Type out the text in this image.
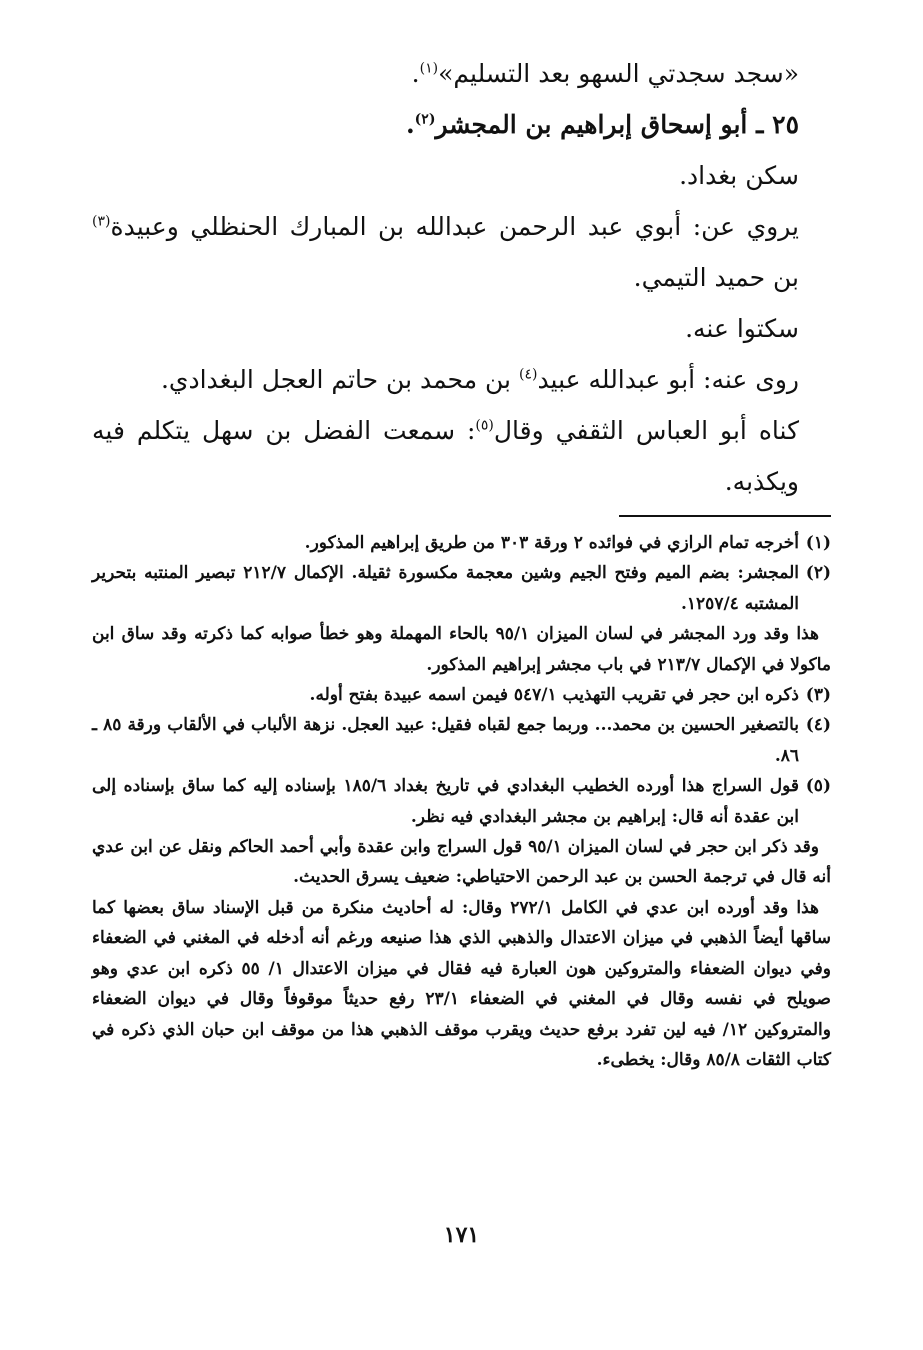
«سجد سجدتي السهو بعد التسليم»$^{(١)}$.

٢٥ ـ أبو إسحاق إبراهيم بن المجشر$^{(٢)}$.

سكن بغداد.

يروي عن: أبوي عبد الرحمن عبدالله بن المبارك الحنظلي وعبيدة$^{(٣)}$ بن حميد التيمي.

سكتوا عنه.

روى عنه: أبو عبدالله عبيد$^{(٤)}$ بن محمد بن حاتم العجل البغدادي.

كناه أبو العباس الثقفي وقال$^{(٥)}$: سمعت الفضل بن سهل يتكلم فيه ويكذبه.

(١)أخرجه تمام الرازي في فوائده ٢ ورقة ٣٠٣ من طريق إبراهيم المذكور.

(٢)المجشر: بضم الميم وفتح الجيم وشين معجمة مكسورة ثقيلة. الإكمال ٢١٢/٧ تبصير المنتبه بتحرير المشتبه ١٢٥٧/٤.

هذا وقد ورد المجشر في لسان الميزان ٩٥/١ بالحاء المهملة وهو خطأ صوابه كما ذكرته وقد ساق ابن ماكولا في الإكمال ٢١٣/٧ في باب مجشر إبراهيم المذكور.

(٣)ذكره ابن حجر في تقريب التهذيب ٥٤٧/١ فيمن اسمه عبيدة بفتح أوله.

(٤)بالتصغير الحسين بن محمد... وربما جمع لقباه فقيل: عبيد العجل. نزهة الألباب في الألقاب ورقة ٨٥ ـ ٨٦.

(٥)قول السراج هذا أورده الخطيب البغدادي في تاريخ بغداد ١٨٥/٦ بإسناده إليه كما ساق بإسناده إلى ابن عقدة أنه قال: إبراهيم بن مجشر البغدادي فيه نظر.

وقد ذكر ابن حجر في لسان الميزان ٩٥/١ قول السراج وابن عقدة وأبي أحمد الحاكم ونقل عن ابن عدي أنه قال في ترجمة الحسن بن عبد الرحمن الاحتياطي: ضعيف يسرق الحديث.

هذا وقد أورده ابن عدي في الكامل ٢٧٢/١ وقال: له أحاديث منكرة من قبل الإسناد ساق بعضها كما ساقها أيضاً الذهبي في ميزان الاعتدال والذهبي الذي هذا صنيعه ورغم أنه أدخله في المغني في الضعفاء وفي ديوان الضعفاء والمتروكين هون العبارة فيه فقال في ميزان الاعتدال ١/ ٥٥ ذكره ابن عدي وهو صويلح في نفسه وقال في المغني في الضعفاء ٢٣/١ رفع حديثاً موقوفاً وقال في ديوان الضعفاء والمتروكين ١٢/ فيه لين تفرد برفع حديث ويقرب موقف الذهبي هذا من موقف ابن حبان الذي ذكره في كتاب الثقات ٨٥/٨ وقال: يخطىء.

١٧١
